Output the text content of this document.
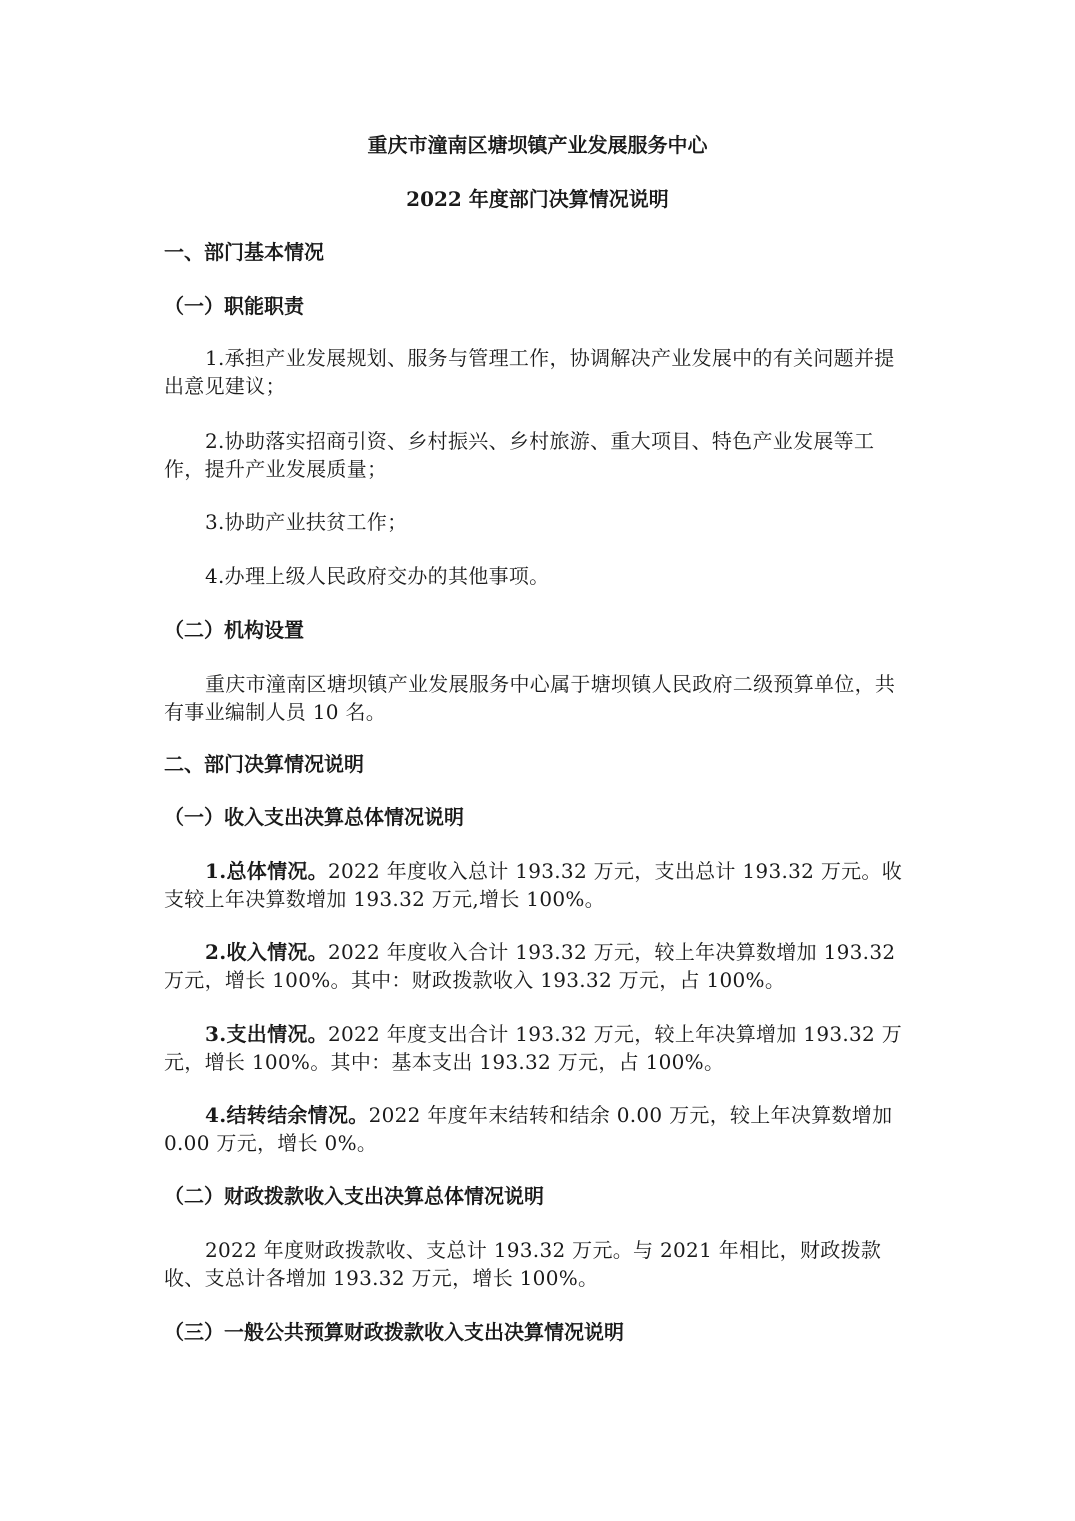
重庆市潼南区塘坝镇产业发展服务中心
2022 年度部门决算情况说明
一、部门基本情况
（一）职能职责
1.承担产业发展规划、服务与管理工作，协调解决产业发展中的有关问题并提出意见建议；
2.协助落实招商引资、乡村振兴、乡村旅游、重大项目、特色产业发展等工作，提升产业发展质量；
3.协助产业扶贫工作；
4.办理上级人民政府交办的其他事项。
（二）机构设置
重庆市潼南区塘坝镇产业发展服务中心属于塘坝镇人民政府二级预算单位，共有事业编制人员 10 名。
二、部门决算情况说明
（一）收入支出决算总体情况说明
1.总体情况。2022 年度收入总计 193.32 万元，支出总计 193.32 万元。收支较上年决算数增加 193.32 万元,增长 100%。
2.收入情况。2022 年度收入合计 193.32 万元，较上年决算数增加 193.32 万元，增长 100%。其中：财政拨款收入 193.32 万元，占 100%。
3.支出情况。2022 年度支出合计 193.32 万元，较上年决算增加 193.32 万元，增长 100%。其中：基本支出 193.32 万元，占 100%。
4.结转结余情况。2022 年度年末结转和结余 0.00 万元，较上年决算数增加 0.00 万元，增长 0%。
（二）财政拨款收入支出决算总体情况说明
2022 年度财政拨款收、支总计 193.32 万元。与 2021 年相比，财政拨款收、支总计各增加 193.32 万元，增长 100%。
（三）一般公共预算财政拨款收入支出决算情况说明
